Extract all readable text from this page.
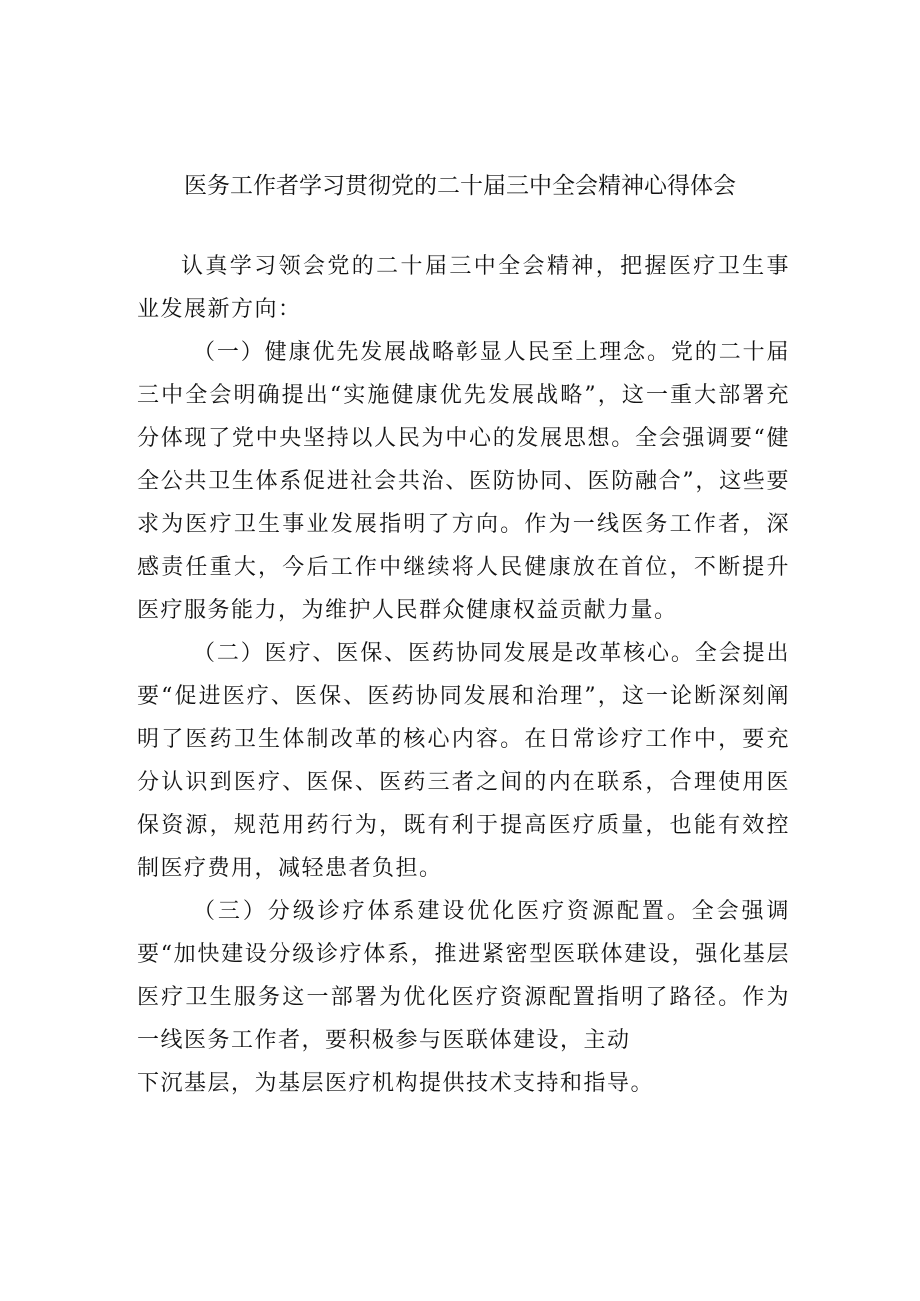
医务工作者学习贯彻党的二十届三中全会精神心得体会

认真学习领会党的二十届三中全会精神，把握医疗卫生事业发展新方向：

（一）健康优先发展战略彰显人民至上理念。党的二十届三中全会明确提出“实施健康优先发展战略”，这一重大部署充分体现了党中央坚持以人民为中心的发展思想。全会强调要“健全公共卫生体系促进社会共治、医防协同、医防融合”，这些要求为医疗卫生事业发展指明了方向。作为一线医务工作者，深感责任重大，今后工作中继续将人民健康放在首位，不断提升医疗服务能力，为维护人民群众健康权益贡献力量。

（二）医疗、医保、医药协同发展是改革核心。全会提出要“促进医疗、医保、医药协同发展和治理”，这一论断深刻阐明了医药卫生体制改革的核心内容。在日常诊疗工作中，要充分认识到医疗、医保、医药三者之间的内在联系，合理使用医保资源，规范用药行为，既有利于提高医疗质量，也能有效控制医疗费用，减轻患者负担。

（三）分级诊疗体系建设优化医疗资源配置。全会强调要“加快建设分级诊疗体系，推进紧密型医联体建设，强化基层医疗卫生服务这一部署为优化医疗资源配置指明了路径。作为一线医务工作者，要积极参与医联体建设，主动

下沉基层，为基层医疗机构提供技术支持和指导。
